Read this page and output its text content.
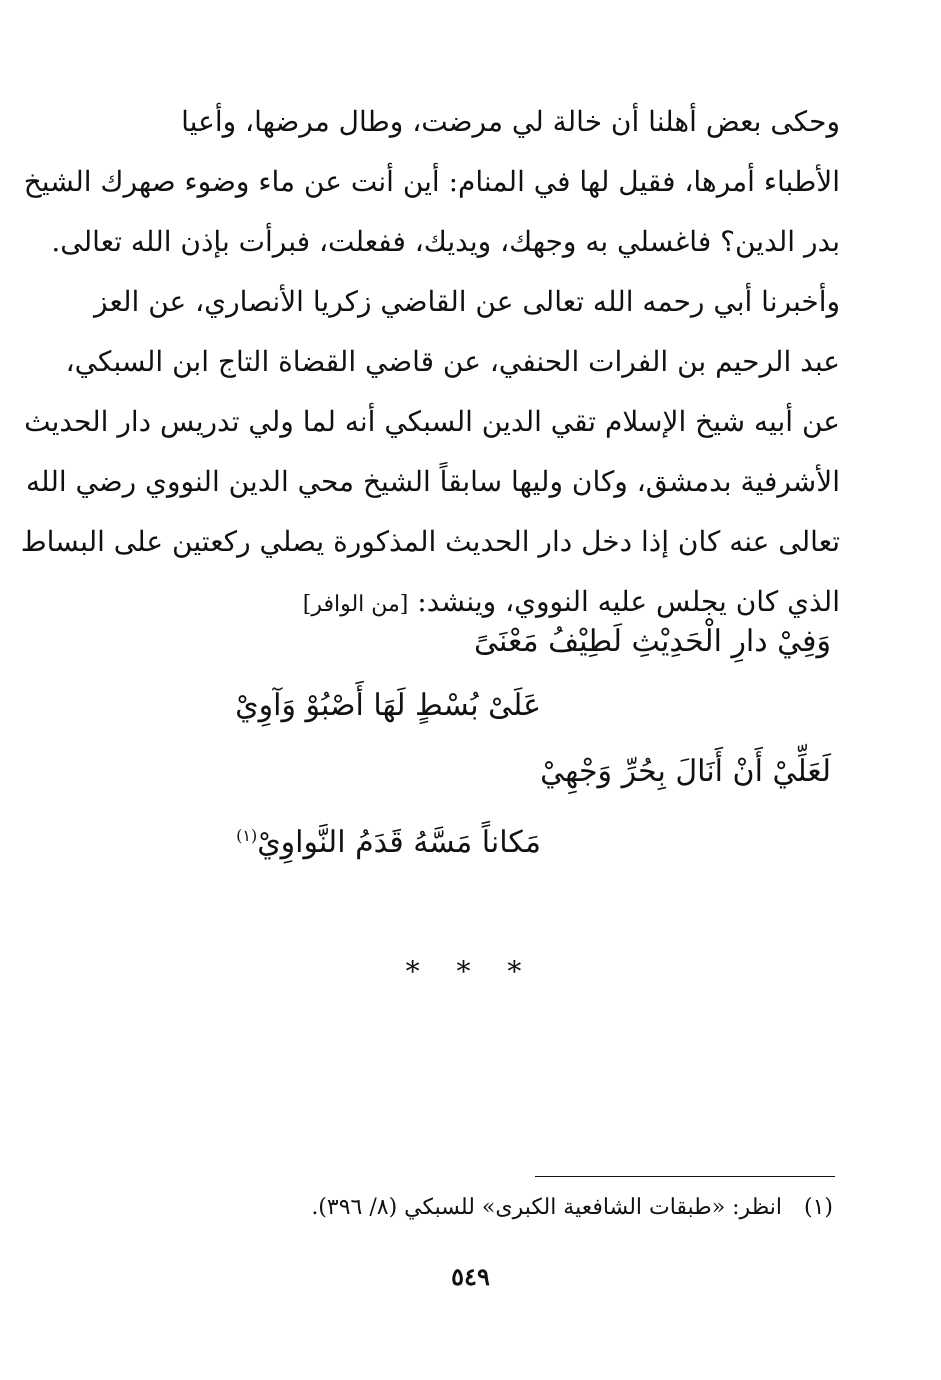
وحكى بعض أهلنا أن خالة لي مرضت، وطال مرضها، وأعيا
الأطباء أمرها، فقيل لها في المنام: أين أنت عن ماء وضوء صهرك الشيخ
بدر الدين؟ فاغسلي به وجهك، ويديك، ففعلت، فبرأت بإذن الله تعالى.
وأخبرنا أبي رحمه الله تعالى عن القاضي زكريا الأنصاري، عن العز
عبد الرحيم بن الفرات الحنفي، عن قاضي القضاة التاج ابن السبكي،
عن أبيه شيخ الإسلام تقي الدين السبكي أنه لما ولي تدريس دار الحديث
الأشرفية بدمشق، وكان وليها سابقاً الشيخ محي الدين النووي رضي الله
تعالى عنه كان إذا دخل دار الحديث المذكورة يصلي ركعتين على البساط
الذي كان يجلس عليه النووي، وينشد: [من الوافر]
وَفِيْ دارِ الْحَدِيْثِ لَطِيْفُ مَعْنَىً
عَلَىْ بُسْطٍ لَهَا أَصْبُوْ وَآوِيْ
لَعَلِّيْ أَنْ أَنَالَ بِحُرِّ وَجْهِيْ
مَكاناً مَسَّهُ قَدَمُ النَّواوِيْ$^{(١)}$
* * *
(١)انظر: «طبقات الشافعية الكبرى» للسبكي (٨/ ٣٩٦).
٥٤٩
